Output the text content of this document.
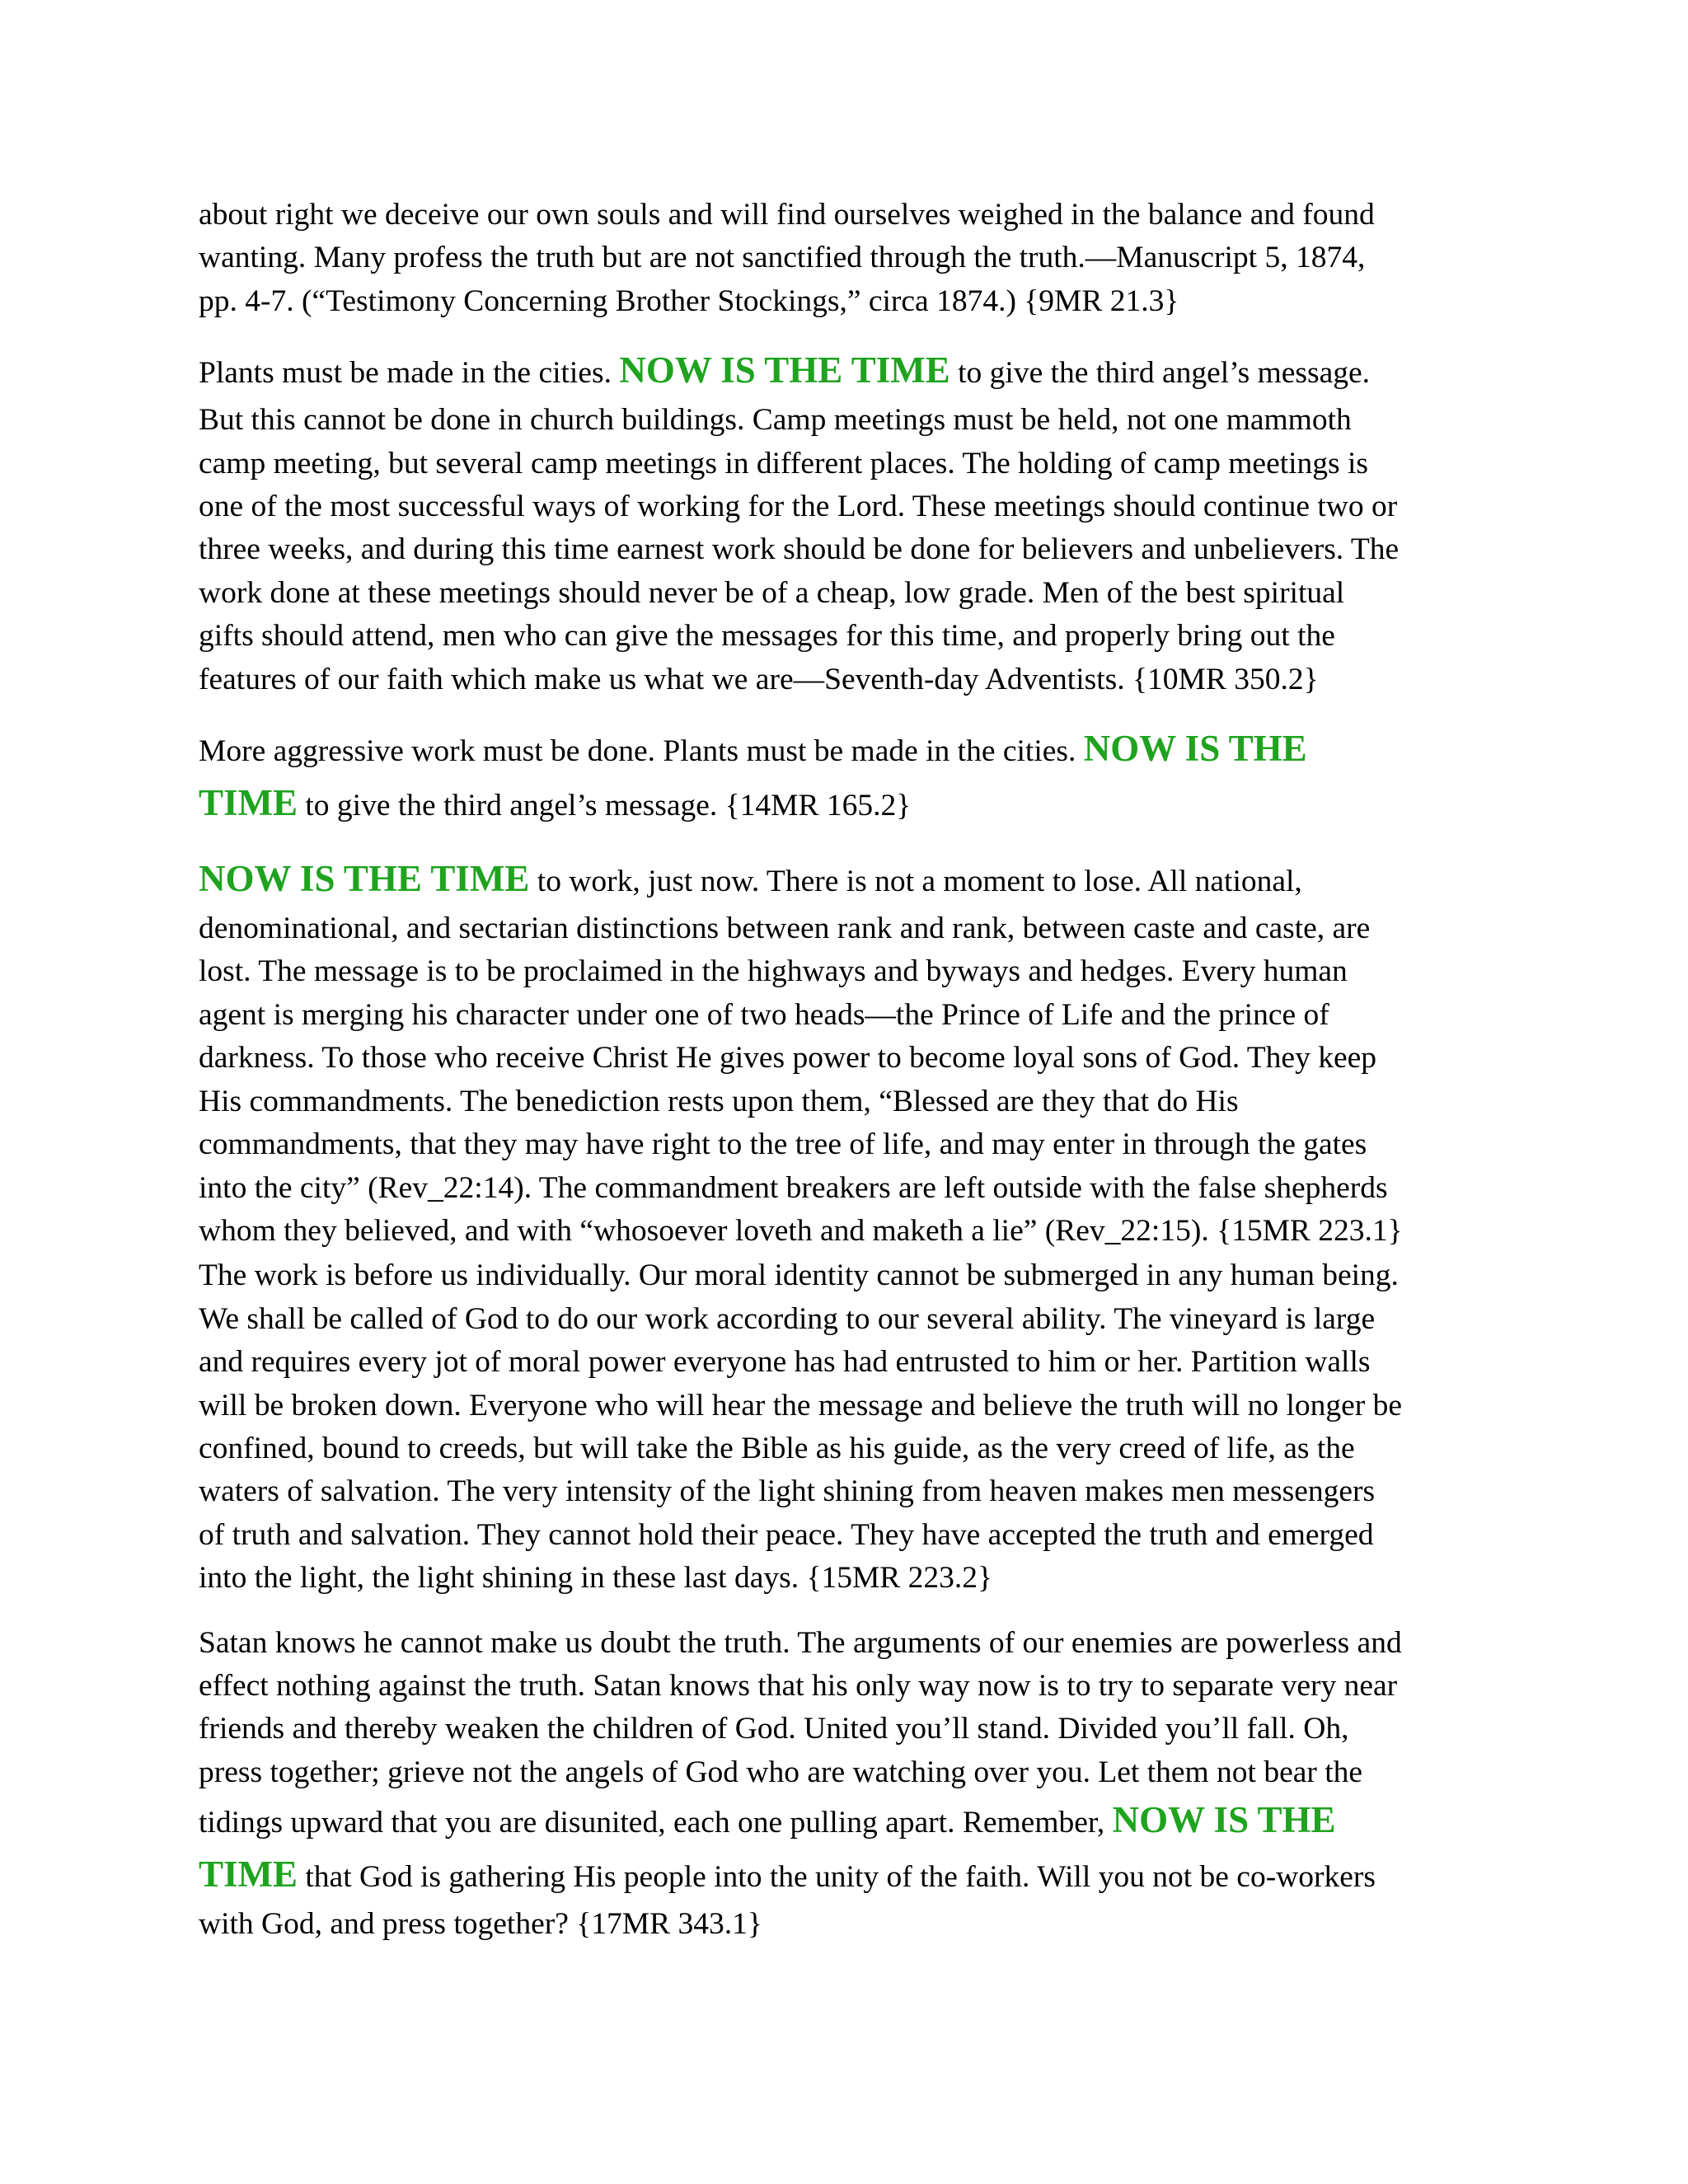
about right we deceive our own souls and will find ourselves weighed in the balance and found
wanting. Many profess the truth but are not sanctified through the truth.—Manuscript 5, 1874,
pp. 4-7. (“Testimony Concerning Brother Stockings,” circa 1874.) {9MR 21.3}

Plants must be made in the cities. NOW IS THE TIME to give the third angel’s message.
But this cannot be done in church buildings. Camp meetings must be held, not one mammoth
camp meeting, but several camp meetings in different places. The holding of camp meetings is
one of the most successful ways of working for the Lord. These meetings should continue two or
three weeks, and during this time earnest work should be done for believers and unbelievers. The
work done at these meetings should never be of a cheap, low grade. Men of the best spiritual
gifts should attend, men who can give the messages for this time, and properly bring out the
features of our faith which make us what we are—Seventh-day Adventists. {10MR 350.2}

More aggressive work must be done. Plants must be made in the cities. NOW IS THE
TIME to give the third angel’s message. {14MR 165.2}

NOW IS THE TIME to work, just now. There is not a moment to lose. All national,
denominational, and sectarian distinctions between rank and rank, between caste and caste, are
lost. The message is to be proclaimed in the highways and byways and hedges. Every human
agent is merging his character under one of two heads—the Prince of Life and the prince of
darkness. To those who receive Christ He gives power to become loyal sons of God. They keep
His commandments. The benediction rests upon them, “Blessed are they that do His
commandments, that they may have right to the tree of life, and may enter in through the gates
into the city” (Rev_22:14). The commandment breakers are left outside with the false shepherds
whom they believed, and with “whosoever loveth and maketh a lie” (Rev_22:15). {15MR 223.1}

The work is before us individually. Our moral identity cannot be submerged in any human being.
We shall be called of God to do our work according to our several ability. The vineyard is large
and requires every jot of moral power everyone has had entrusted to him or her. Partition walls
will be broken down. Everyone who will hear the message and believe the truth will no longer be
confined, bound to creeds, but will take the Bible as his guide, as the very creed of life, as the
waters of salvation. The very intensity of the light shining from heaven makes men messengers
of truth and salvation. They cannot hold their peace. They have accepted the truth and emerged
into the light, the light shining in these last days. {15MR 223.2}

Satan knows he cannot make us doubt the truth. The arguments of our enemies are powerless and
effect nothing against the truth. Satan knows that his only way now is to try to separate very near
friends and thereby weaken the children of God. United you’ll stand. Divided you’ll fall. Oh,
press together; grieve not the angels of God who are watching over you. Let them not bear the
tidings upward that you are disunited, each one pulling apart. Remember, NOW IS THE
TIME that God is gathering His people into the unity of the faith. Will you not be co-workers
with God, and press together? {17MR 343.1}
